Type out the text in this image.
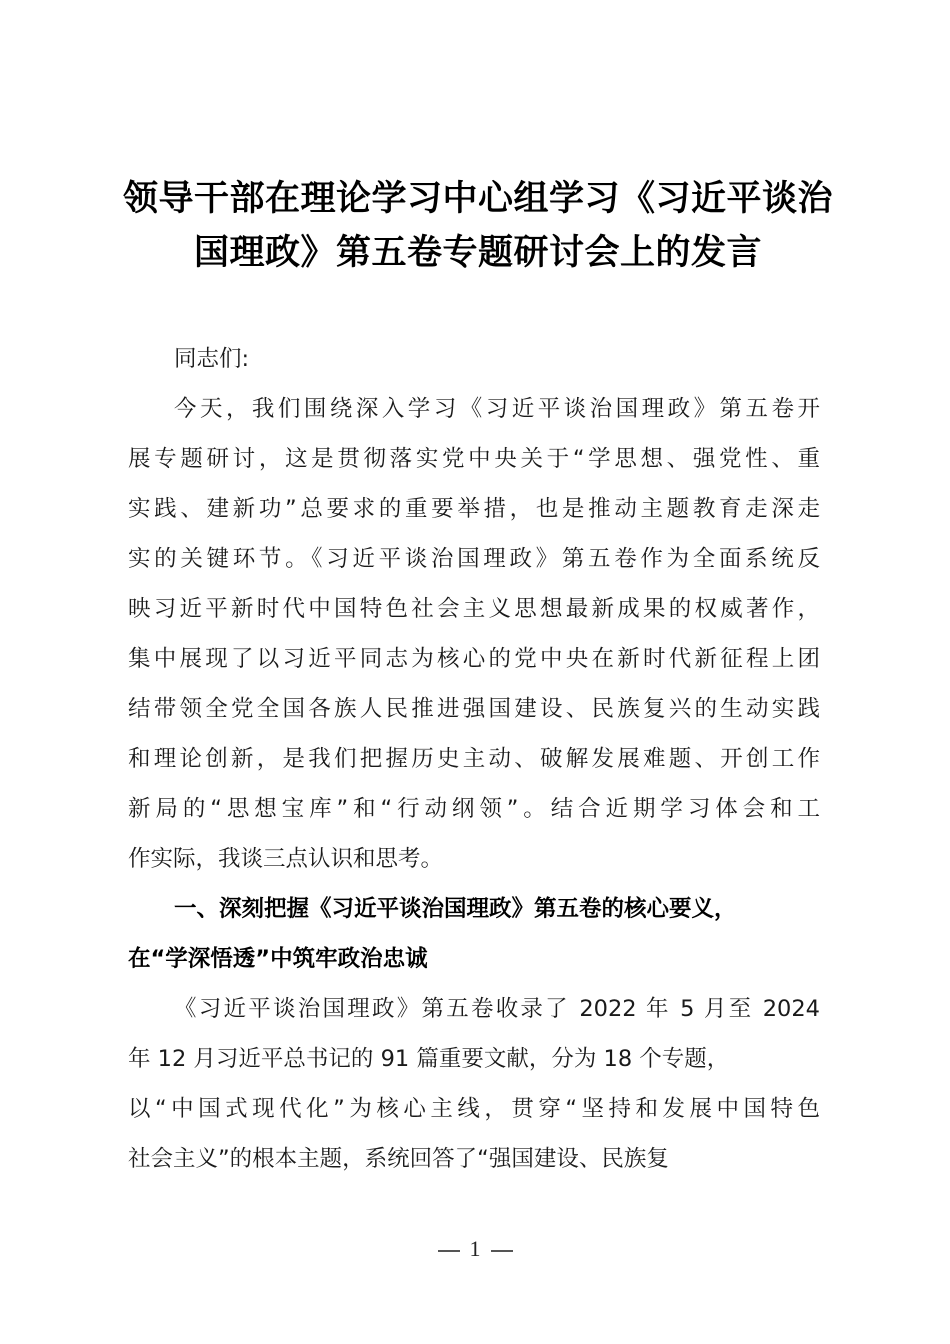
领导干部在理论学习中心组学习《习近平谈治
国理政》第五卷专题研讨会上的发言
同志们:
今天，我们围绕深入学习《习近平谈治国理政》第五卷开
展专题研讨，这是贯彻落实党中央关于“学思想、强党性、重
实践、建新功”总要求的重要举措，也是推动主题教育走深走
实的关键环节。《习近平谈治国理政》第五卷作为全面系统反
映习近平新时代中国特色社会主义思想最新成果的权威著作，
集中展现了以习近平同志为核心的党中央在新时代新征程上团
结带领全党全国各族人民推进强国建设、民族复兴的生动实践
和理论创新，是我们把握历史主动、破解发展难题、开创工作
新局的“思想宝库”和“行动纲领”。结合近期学习体会和工
作实际，我谈三点认识和思考。
一、深刻把握《习近平谈治国理政》第五卷的核心要义，
在“学深悟透”中筑牢政治忠诚
《习近平谈治国理政》第五卷收录了 2022 年 5 月至 2024
年 12 月习近平总书记的 91 篇重要文献，分为 18 个专题，
以“中国式现代化”为核心主线，贯穿“坚持和发展中国特色
社会主义”的根本主题，系统回答了“强国建设、民族复
1
